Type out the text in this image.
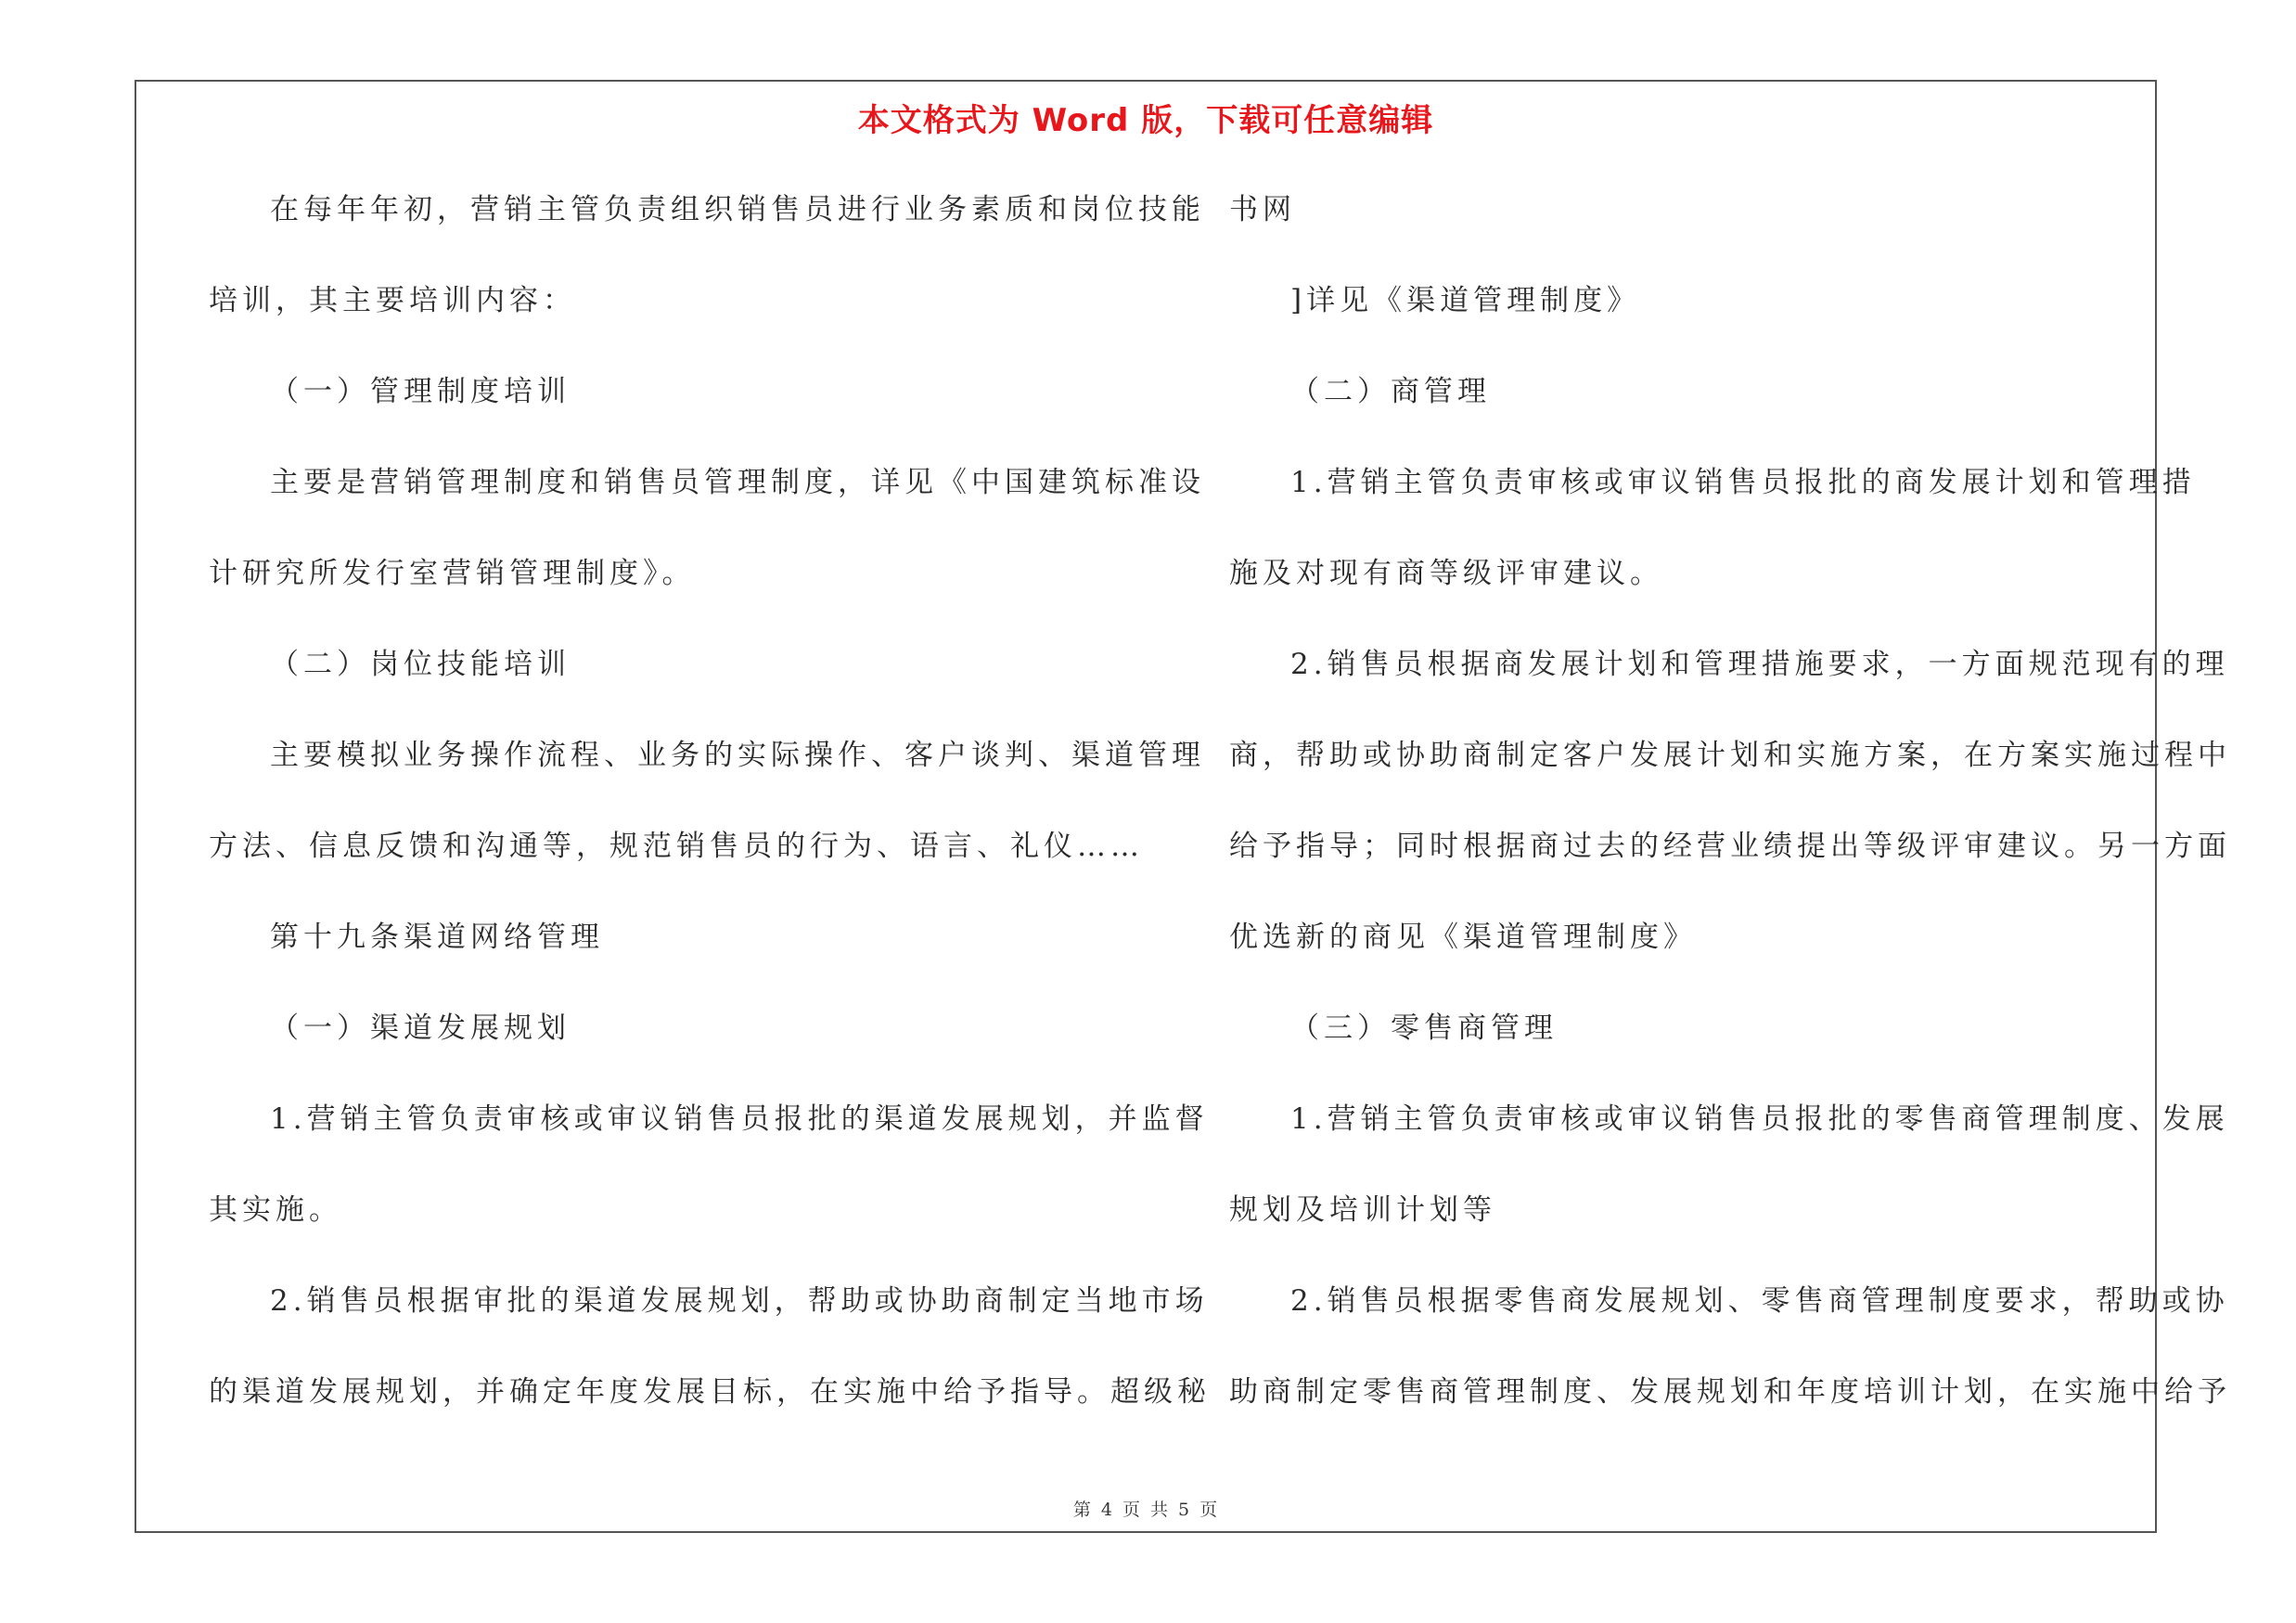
本文格式为 Word 版，下载可任意编辑
在每年年初，营销主管负责组织销售员进行业务素质和岗位技能
培训，其主要培训内容：
（一）管理制度培训
主要是营销管理制度和销售员管理制度，详见《中国建筑标准设
计研究所发行室营销管理制度》。
（二）岗位技能培训
主要模拟业务操作流程、业务的实际操作、客户谈判、渠道管理
方法、信息反馈和沟通等，规范销售员的行为、语言、礼仪……
第十九条渠道网络管理
（一）渠道发展规划
1.营销主管负责审核或审议销售员报批的渠道发展规划，并监督
其实施。
2.销售员根据审批的渠道发展规划，帮助或协助商制定当地市场
的渠道发展规划，并确定年度发展目标，在实施中给予指导。超级秘
书网
]详见《渠道管理制度》
（二）商管理
1.营销主管负责审核或审议销售员报批的商发展计划和管理措
施及对现有商等级评审建议。
2.销售员根据商发展计划和管理措施要求，一方面规范现有的理
商，帮助或协助商制定客户发展计划和实施方案，在方案实施过程中
给予指导；同时根据商过去的经营业绩提出等级评审建议。另一方面
优选新的商见《渠道管理制度》
（三）零售商管理
1.营销主管负责审核或审议销售员报批的零售商管理制度、发展
规划及培训计划等
2.销售员根据零售商发展规划、零售商管理制度要求，帮助或协
助商制定零售商管理制度、发展规划和年度培训计划，在实施中给予
第 4 页 共 5 页
